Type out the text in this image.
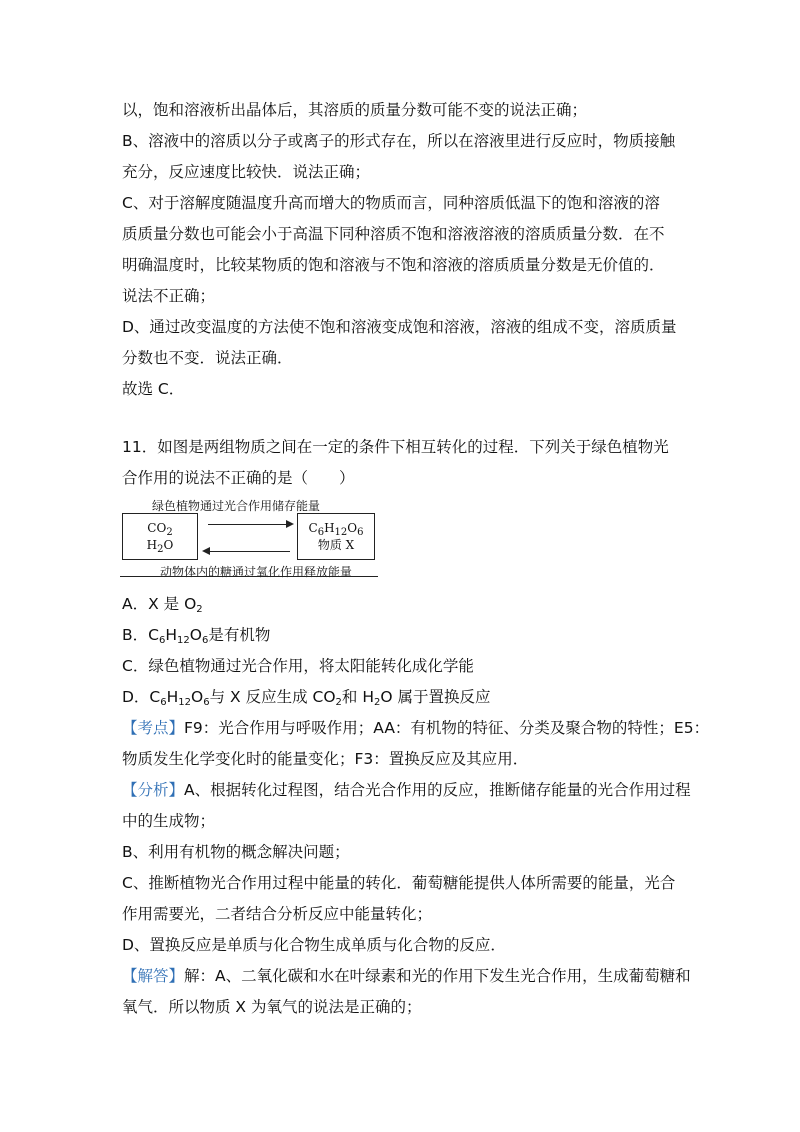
以，饱和溶液析出晶体后，其溶质的质量分数可能不变的说法正确；
B、溶液中的溶质以分子或离子的形式存在，所以在溶液里进行反应时，物质接触
充分，反应速度比较快．说法正确；
C、对于溶解度随温度升高而增大的物质而言，同种溶质低温下的饱和溶液的溶
质质量分数也可能会小于高温下同种溶质不饱和溶液溶液的溶质质量分数．在不
明确温度时，比较某物质的饱和溶液与不饱和溶液的溶质质量分数是无价值的．
说法不正确；
D、通过改变温度的方法使不饱和溶液变成饱和溶液，溶液的组成不变，溶质质量
分数也不变．说法正确．
故选 C．
11．如图是两组物质之间在一定的条件下相互转化的过程．下列关于绿色植物光
合作用的说法不正确的是（　　）
绿色植物通过光合作用储存能量
$CO_2$
$H_2O$
$C_6H_{12}O_6$
物质 X
动物体内的糖通过氧化作用释放能量
A．X 是 $O_2$
B．$C_6H_{12}O_6$是有机物
C．绿色植物通过光合作用，将太阳能转化成化学能
D．$C_6H_{12}O_6$与 X 反应生成 $CO_2$和 $H_2O$ 属于置换反应
【考点】F9：光合作用与呼吸作用；AA：有机物的特征、分类及聚合物的特性；E5：
物质发生化学变化时的能量变化；F3：置换反应及其应用．
【分析】A、根据转化过程图，结合光合作用的反应，推断储存能量的光合作用过程
中的生成物；
B、利用有机物的概念解决问题；
C、推断植物光合作用过程中能量的转化．葡萄糖能提供人体所需要的能量，光合
作用需要光，二者结合分析反应中能量转化；
D、置换反应是单质与化合物生成单质与化合物的反应．
【解答】解：A、二氧化碳和水在叶绿素和光的作用下发生光合作用，生成葡萄糖和
氧气．所以物质 X 为氧气的说法是正确的；
